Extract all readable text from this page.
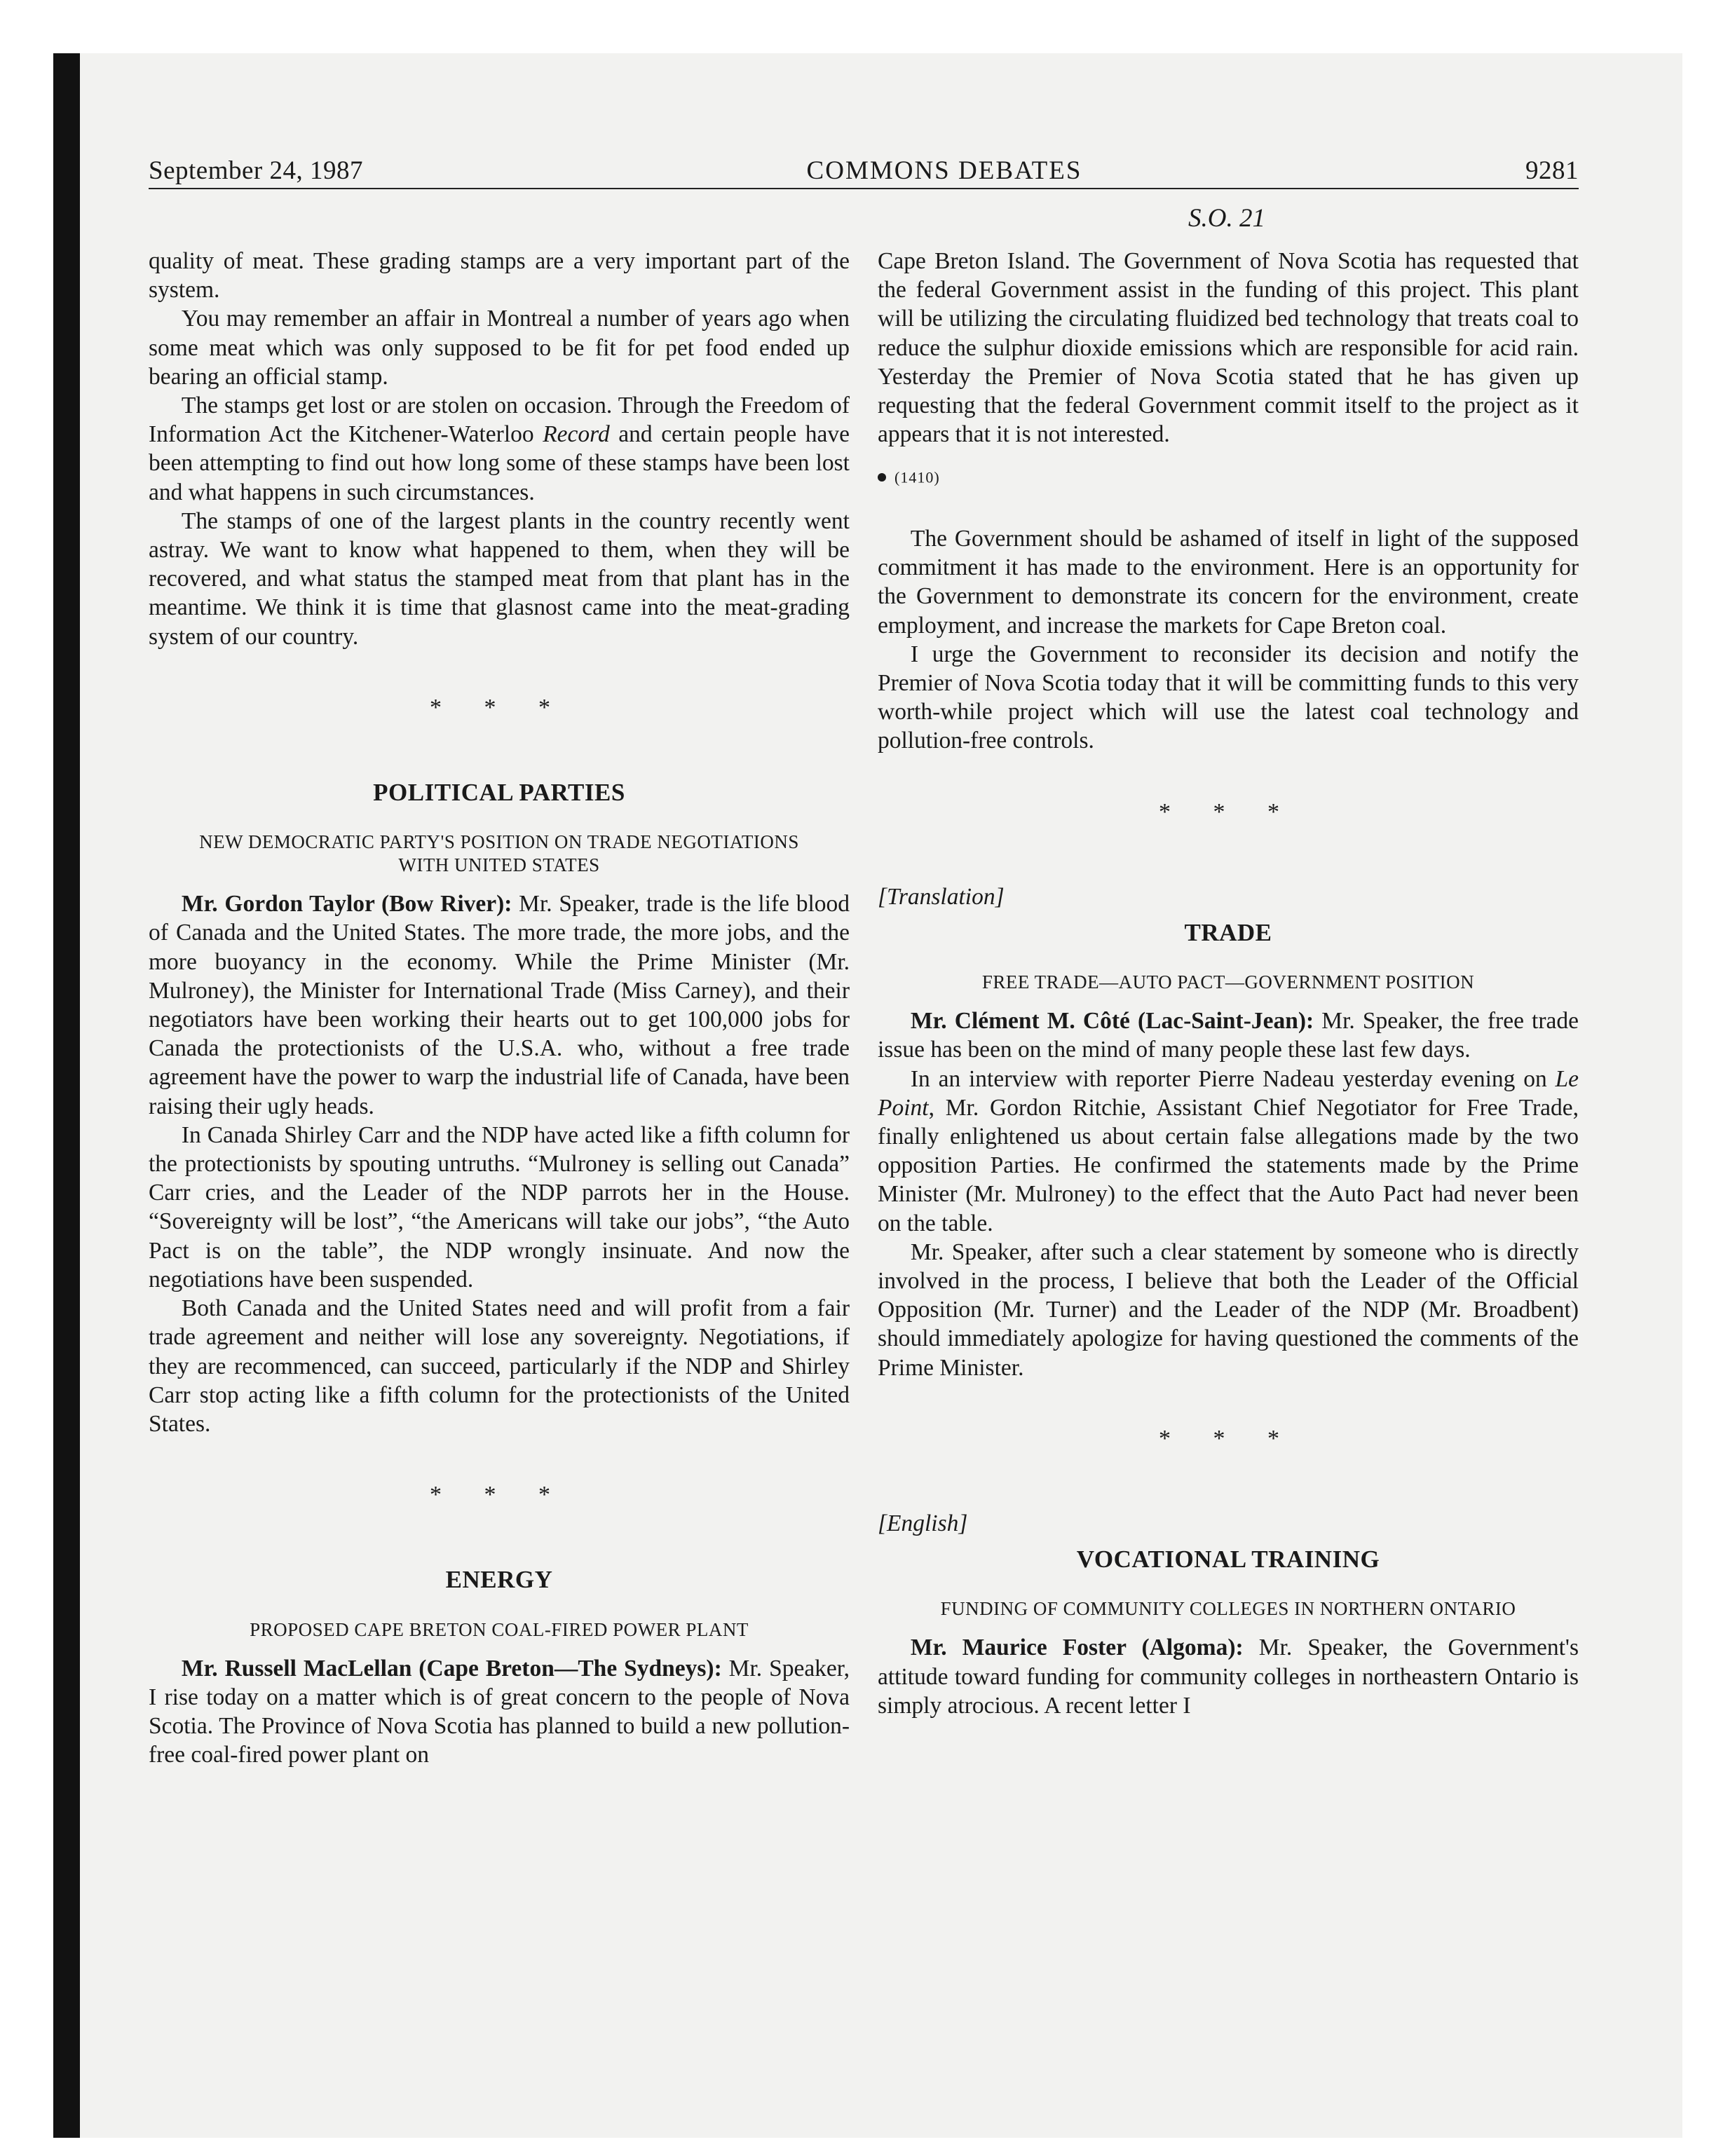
September 24, 1987	COMMONS DEBATES	9281
S.O. 21

quality of meat. These grading stamps are a very important part of the system.

You may remember an affair in Montreal a number of years ago when some meat which was only supposed to be fit for pet food ended up bearing an official stamp.

The stamps get lost or are stolen on occasion. Through the Freedom of Information Act the Kitchener-Waterloo Record and certain people have been attempting to find out how long some of these stamps have been lost and what happens in such circumstances.

The stamps of one of the largest plants in the country recently went astray. We want to know what happened to them, when they will be recovered, and what status the stamped meat from that plant has in the meantime. We think it is time that glasnost came into the meat-grading system of our country.

* * *
POLITICAL PARTIES
NEW DEMOCRATIC PARTY'S POSITION ON TRADE NEGOTIATIONS WITH UNITED STATES

Mr. Gordon Taylor (Bow River): Mr. Speaker, trade is the life blood of Canada and the United States. The more trade, the more jobs, and the more buoyancy in the economy. While the Prime Minister (Mr. Mulroney), the Minister for International Trade (Miss Carney), and their negotiators have been working their hearts out to get 100,000 jobs for Canada the protectionists of the U.S.A. who, without a free trade agreement have the power to warp the industrial life of Canada, have been raising their ugly heads.

In Canada Shirley Carr and the NDP have acted like a fifth column for the protectionists by spouting untruths. “Mulroney is selling out Canada” Carr cries, and the Leader of the NDP parrots her in the House. “Sovereignty will be lost”, “the Americans will take our jobs”, “the Auto Pact is on the table”, the NDP wrongly insinuate. And now the negotiations have been suspended.

Both Canada and the United States need and will profit from a fair trade agreement and neither will lose any sovereignty. Negotiations, if they are recommenced, can succeed, particularly if the NDP and Shirley Carr stop acting like a fifth column for the protectionists of the United States.

* * *
ENERGY
PROPOSED CAPE BRETON COAL-FIRED POWER PLANT

Mr. Russell MacLellan (Cape Breton—The Sydneys): Mr. Speaker, I rise today on a matter which is of great concern to the people of Nova Scotia. The Province of Nova Scotia has planned to build a new pollution-free coal-fired power plant on

Cape Breton Island. The Government of Nova Scotia has requested that the federal Government assist in the funding of this project. This plant will be utilizing the circulating fluidized bed technology that treats coal to reduce the sulphur dioxide emissions which are responsible for acid rain. Yesterday the Premier of Nova Scotia stated that he has given up requesting that the federal Government commit itself to the project as it appears that it is not interested.

(1410)

The Government should be ashamed of itself in light of the supposed commitment it has made to the environment. Here is an opportunity for the Government to demonstrate its concern for the environment, create employment, and increase the markets for Cape Breton coal.

I urge the Government to reconsider its decision and notify the Premier of Nova Scotia today that it will be committing funds to this very worth-while project which will use the latest coal technology and pollution-free controls.

* * *

[Translation]

TRADE
FREE TRADE—AUTO PACT—GOVERNMENT POSITION

Mr. Clément M. Côté (Lac-Saint-Jean): Mr. Speaker, the free trade issue has been on the mind of many people these last few days.

In an interview with reporter Pierre Nadeau yesterday evening on Le Point, Mr. Gordon Ritchie, Assistant Chief Negotiator for Free Trade, finally enlightened us about certain false allegations made by the two opposition Parties. He confirmed the statements made by the Prime Minister (Mr. Mulroney) to the effect that the Auto Pact had never been on the table.

Mr. Speaker, after such a clear statement by someone who is directly involved in the process, I believe that both the Leader of the Official Opposition (Mr. Turner) and the Leader of the NDP (Mr. Broadbent) should immediately apologize for having questioned the comments of the Prime Minister.

* * *

[English]

VOCATIONAL TRAINING
FUNDING OF COMMUNITY COLLEGES IN NORTHERN ONTARIO

Mr. Maurice Foster (Algoma): Mr. Speaker, the Government's attitude toward funding for community colleges in northeastern Ontario is simply atrocious. A recent letter I
